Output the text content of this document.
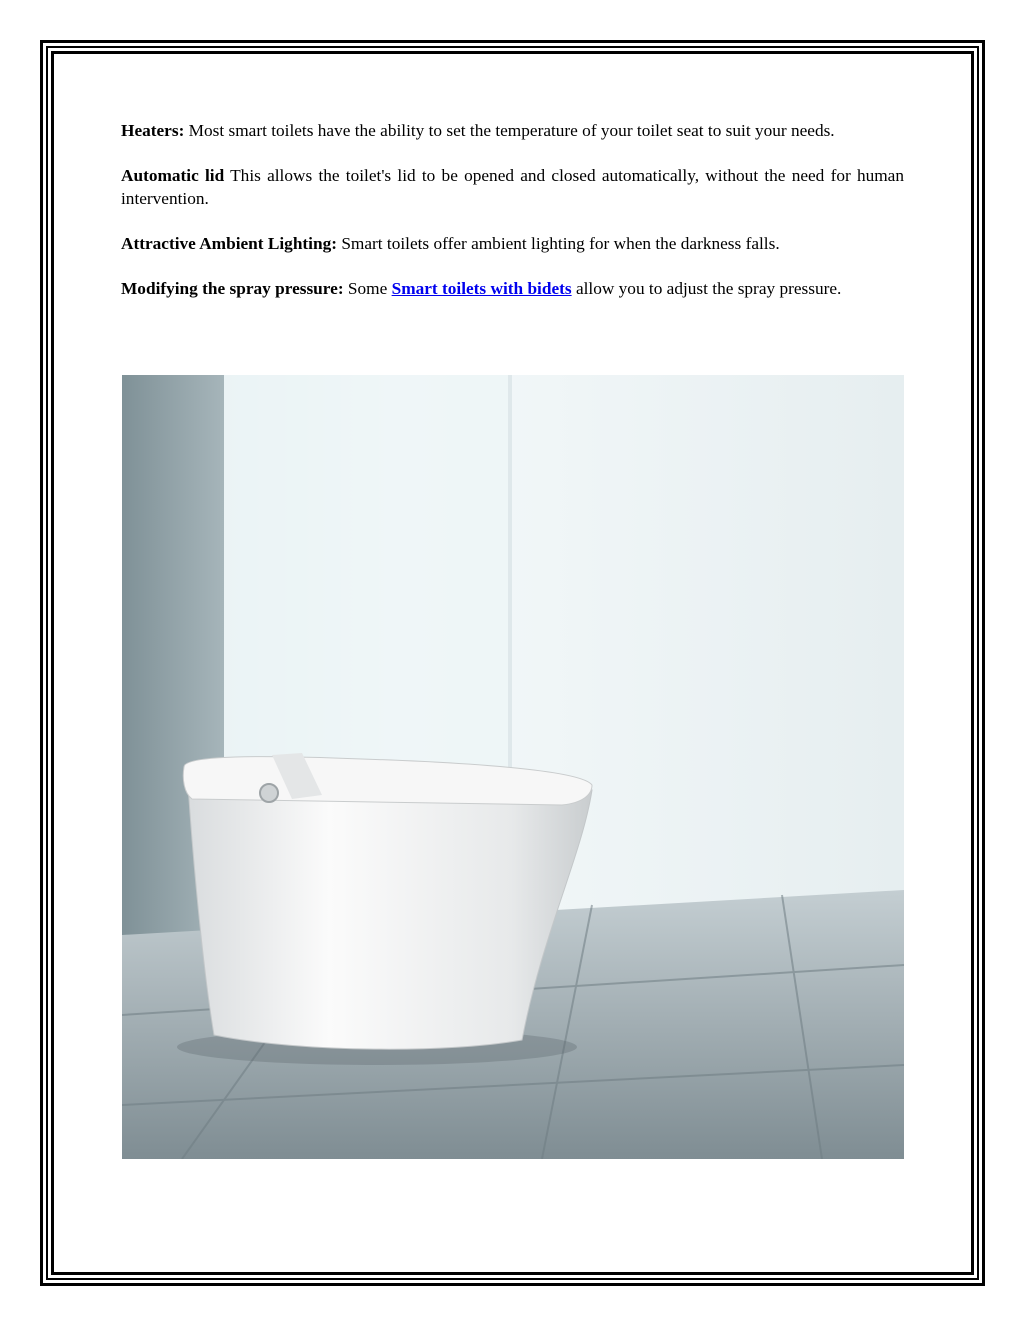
Heaters: Most smart toilets have the ability to set the temperature of your toilet seat to suit your needs.

Automatic lid This allows the toilet's lid to be opened and closed automatically, without the need for human intervention.

Attractive Ambient Lighting: Smart toilets offer ambient lighting for when the darkness falls.

Modifying the spray pressure: Some Smart toilets with bidets allow you to adjust the spray pressure.
